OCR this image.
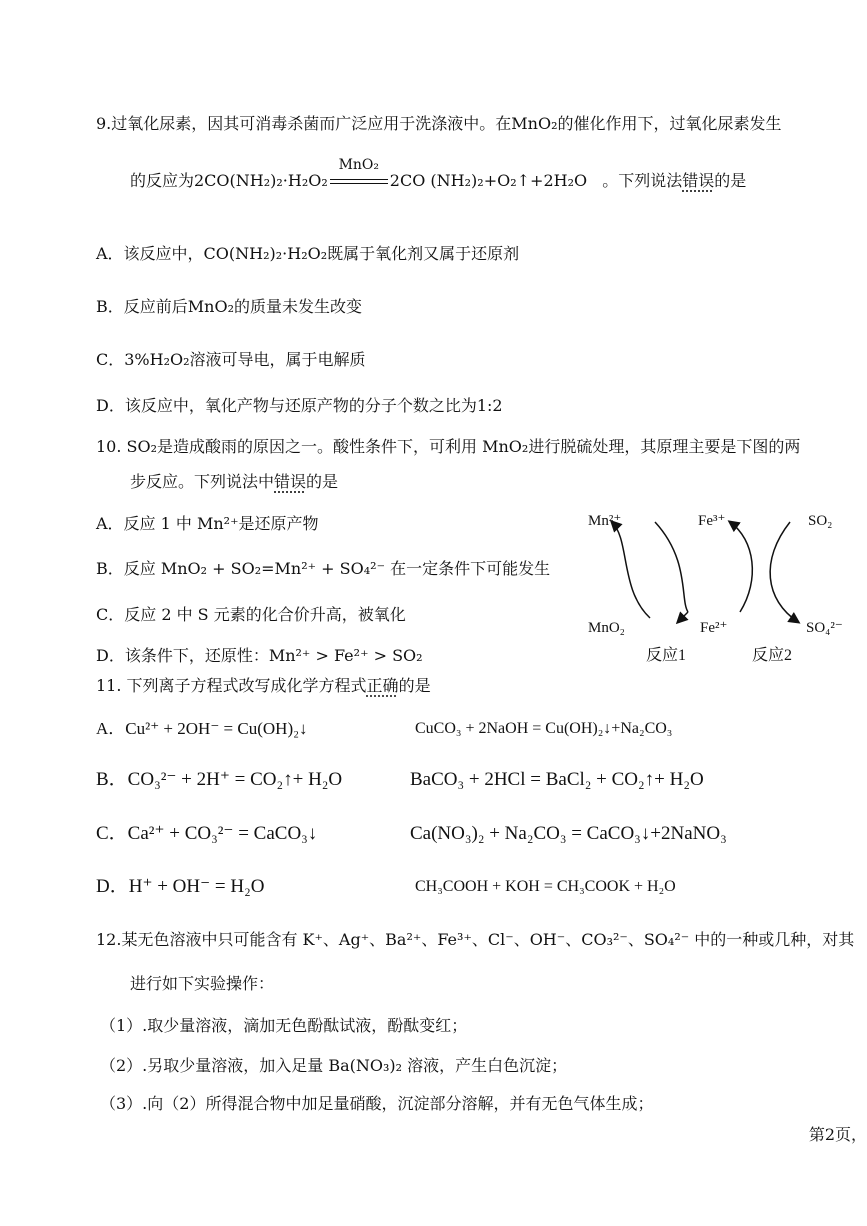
9.过氧化尿素，因其可消毒杀菌而广泛应用于洗涤液中。在MnO₂的催化作用下，过氧化尿素发生
的反应为2CO(NH₂)₂·H₂O₂
MnO₂
2CO (NH₂)₂+O₂↑+2H₂O 。下列说法错误的是
A．该反应中，CO(NH₂)₂·H₂O₂既属于氧化剂又属于还原剂
B．反应前后MnO₂的质量未发生改变
C．3%H₂O₂溶液可导电，属于电解质
D．该反应中，氧化产物与还原产物的分子个数之比为1:2
10. SO₂是造成酸雨的原因之一。酸性条件下，可利用 MnO₂进行脱硫处理，其原理主要是下图的两
步反应。下列说法中错误的是
A．反应 1 中 Mn²⁺是还原产物
B．反应 MnO₂ + SO₂=Mn²⁺ + SO₄²⁻ 在一定条件下可能发生
C．反应 2 中 S 元素的化合价升高，被氧化
D．该条件下，还原性：Mn²⁺ > Fe²⁺ > SO₂
Mn²⁺	Fe³⁺	SO₂
MnO₂	Fe²⁺	SO₄²⁻
反应1	反应2
11. 下列离子方程式改写成化学方程式正确的是
A．Cu²⁺ + 2OH⁻ = Cu(OH)₂↓	CuCO₃ + 2NaOH = Cu(OH)₂↓+Na₂CO₃
B．CO₃²⁻ + 2H⁺ = CO₂↑+ H₂O	BaCO₃ + 2HCl = BaCl₂ + CO₂↑+ H₂O
C．Ca²⁺ + CO₃²⁻ = CaCO₃↓	Ca(NO₃)₂ + Na₂CO₃ = CaCO₃↓+2NaNO₃
D．H⁺ + OH⁻ = H₂O	CH₃COOH + KOH = CH₃COOK + H₂O
12.某无色溶液中只可能含有 K⁺、Ag⁺、Ba²⁺、Fe³⁺、Cl⁻、OH⁻、CO₃²⁻、SO₄²⁻ 中的一种或几种，对其
进行如下实验操作：
（1）.取少量溶液，滴加无色酚酞试液，酚酞变红；
（2）.另取少量溶液，加入足量 Ba(NO₃)₂ 溶液，产生白色沉淀；
（3）.向（2）所得混合物中加足量硝酸，沉淀部分溶解，并有无色气体生成；
第2页，
